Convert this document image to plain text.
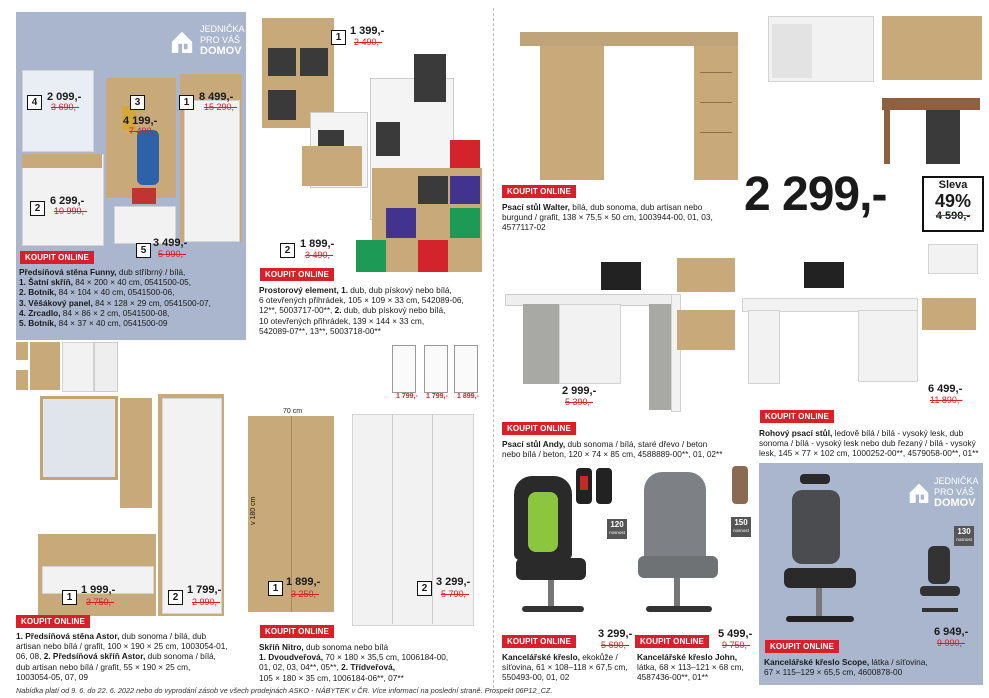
JEDNIČKA
PRO VÁŠ
DOMOV
4 2 099,-
3 690,-	3
4 199,-
7 490,-
1 8 499,-
15 290,-
2
6 299,-
10 990,-
5
3 499,-
5 990,-
KOUPIT ONLINE
Předsíňová stěna Funny, dub stříbrný / bílá,
1. Šatní skříň, 84 × 200 × 40 cm, 0541500-05,
2. Botník, 84 × 104 × 40 cm, 0541500-06,
3. Věšákový panel, 84 × 128 × 29 cm, 0541500-07,
4. Zrcadlo, 84 × 86 × 2 cm, 0541500-08,
5. Botník, 84 × 37 × 40 cm, 0541500-09
1
1 399,-
2 490,-
2
1 899,-
3 490,-
KOUPIT ONLINE
Prostorový element, 1. dub, dub pískový nebo bílá,
6 otevřených přihrádek, 105 × 109 × 33 cm, 542089-06,
12**, 5003717-00**, 2. dub, dub pískový nebo bílá,
10 otevřených přihrádek, 139 × 144 × 33 cm,
542089-07**, 13**, 5003718-00**
1
1 999,-
3 750,-	2
1 799,-
2 990,-
KOUPIT ONLINE
1. Předsíňová stěna Astor, dub sonoma / bílá, dub
artisan nebo bílá / grafit, 100 × 190 × 25 cm, 1003054-01,
06, 08, 2. Předsíňová skříň Astor, dub sonoma / bílá,
dub artisan nebo bílá / grafit, 55 × 190 × 25 cm,
1003054-05, 07, 09
1 799,- 1 799,- 1 899,-
70 cm
v 180 cm
1
1 899,-
3 250,-	2
3 299,-
5 790,-
KOUPIT ONLINE
Skříň Nitro, dub sonoma nebo bílá
1. Dvoudveřová, 70 × 180 × 35,5 cm, 1006184-00,
01, 02, 03, 04**, 05**, 2. Třídveřová,
105 × 180 × 35 cm, 1006184-06**, 07**
KOUPIT ONLINE
Psací stůl Walter, bílá, dub sonoma, dub artisan nebo
burgund / grafit, 138 × 75,5 × 50 cm, 1003944-00, 01, 03,
4577117-02
2 299,-	Sleva
49%
4 590,-
2 999,-
5 390,-
6 499,-
11 890,-
KOUPIT ONLINE
Psací stůl Andy, dub sonoma / bílá, staré dřevo / beton
nebo bílá / beton, 120 × 74 × 85 cm, 4588889-00**, 01, 02**
KOUPIT ONLINE
Rohový psací stůl, ledově bílá / bílá - vysoký lesk, dub
sonoma / bílá - vysoký lesk nebo dub řezaný / bílá - vysoký
lesk, 145 × 77 × 102 cm, 1000252-00**, 4579058-00**, 01**
120
nosnost
3 299,-
5 690,-
150
nosnost
5 499,-
9 750,-
KOUPIT ONLINE
Kancelářské křeslo, ekokůže /
síťovina, 61 × 108–118 × 67,5 cm,
550493-00, 01, 02
KOUPIT ONLINE
Kancelářské křeslo John,
látka, 68 × 113–121 × 68 cm,
4587436-00**, 01**
JEDNIČKA
PRO VÁŠ
DOMOV
130
nosnost
6 949,-
9 990,-
KOUPIT ONLINE
Kancelářské křeslo Scope, látka / síťovina,
67 × 115–129 × 65,5 cm, 4600878-00
Nabídka platí od 9. 6. do 22. 6. 2022 nebo do vyprodání zásob ve všech prodejnách ASKO - NÁBYTEK v ČR. Více informací na poslední straně. Prospekt 06P12_CZ.
